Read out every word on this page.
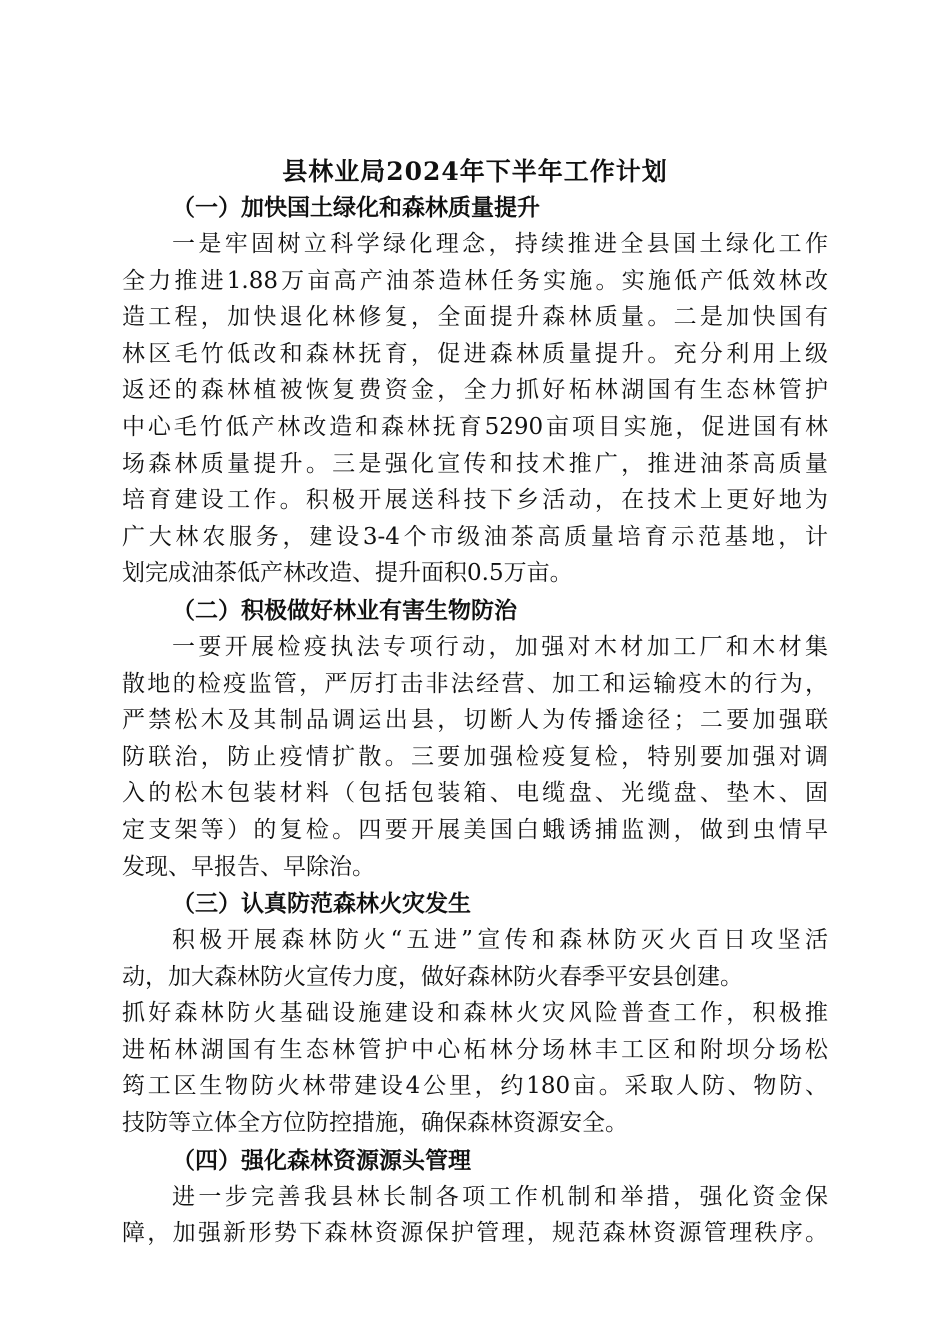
县林业局2024年下半年工作计划
（一）加快国土绿化和森林质量提升
一是牢固树立科学绿化理念，持续推进全县国土绿化工作
全力推进1.88万亩高产油茶造林任务实施。实施低产低效林改
造工程，加快退化林修复，全面提升森林质量。二是加快国有
林区毛竹低改和森林抚育，促进森林质量提升。充分利用上级
返还的森林植被恢复费资金，全力抓好柘林湖国有生态林管护
中心毛竹低产林改造和森林抚育5290亩项目实施，促进国有林
场森林质量提升。三是强化宣传和技术推广，推进油茶高质量
培育建设工作。积极开展送科技下乡活动，在技术上更好地为
广大林农服务，建设3-4个市级油茶高质量培育示范基地，计
划完成油茶低产林改造、提升面积0.5万亩。
（二）积极做好林业有害生物防治
一要开展检疫执法专项行动，加强对木材加工厂和木材集
散地的检疫监管，严厉打击非法经营、加工和运输疫木的行为，
严禁松木及其制品调运出县，切断人为传播途径；二要加强联
防联治，防止疫情扩散。三要加强检疫复检，特别要加强对调
入的松木包装材料（包括包装箱、电缆盘、光缆盘、垫木、固
定支架等）的复检。四要开展美国白蛾诱捕监测，做到虫情早
发现、早报告、早除治。
（三）认真防范森林火灾发生
积极开展森林防火“五进”宣传和森林防灭火百日攻坚活
动，加大森林防火宣传力度，做好森林防火春季平安县创建。
抓好森林防火基础设施建设和森林火灾风险普查工作，积极推
进柘林湖国有生态林管护中心柘林分场林丰工区和附坝分场松
筠工区生物防火林带建设4公里，约180亩。采取人防、物防、
技防等立体全方位防控措施，确保森林资源安全。
（四）强化森林资源源头管理
进一步完善我县林长制各项工作机制和举措，强化资金保
障，加强新形势下森林资源保护管理，规范森林资源管理秩序。
